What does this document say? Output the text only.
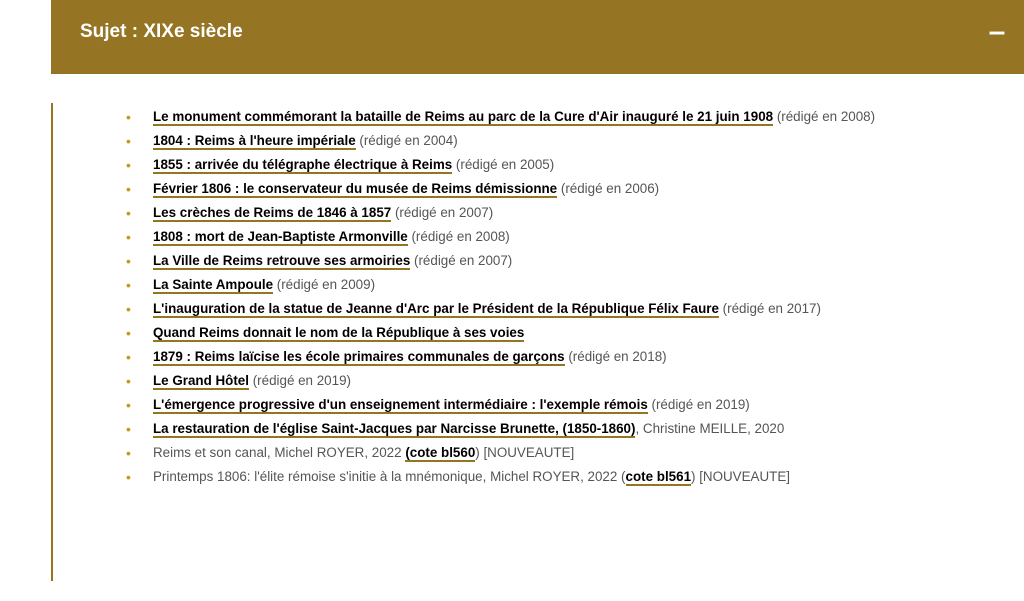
Sujet : XIXe siècle	–
• Le monument commémorant la bataille de Reims au parc de la Cure d'Air inauguré le 21 juin 1908 (rédigé en 2008)
• 1804 : Reims à l'heure impériale (rédigé en 2004)
• 1855 : arrivée du télégraphe électrique à Reims (rédigé en 2005)
• Février 1806 : le conservateur du musée de Reims démissionne (rédigé en 2006)
• Les crèches de Reims de 1846 à 1857 (rédigé en 2007)
• 1808 : mort de Jean-Baptiste Armonville (rédigé en 2008)
• La Ville de Reims retrouve ses armoiries (rédigé en 2007)
• La Sainte Ampoule (rédigé en 2009)
• L'inauguration de la statue de Jeanne d'Arc par le Président de la République Félix Faure (rédigé en 2017)
• Quand Reims donnait le nom de la République à ses voies
• 1879 : Reims laïcise les école primaires communales de garçons (rédigé en 2018)
• Le Grand Hôtel (rédigé en 2019)
• L'émergence progressive d'un enseignement intermédiaire : l'exemple rémois (rédigé en 2019)
• La restauration de l'église Saint-Jacques par Narcisse Brunette, (1850-1860), Christine MEILLE, 2020
• Reims et son canal, Michel ROYER, 2022 (cote bl560) [NOUVEAUTE]
• Printemps 1806: l'élite rémoise s'initie à la mnémonique, Michel ROYER, 2022 (cote bl561) [NOUVEAUTE]
